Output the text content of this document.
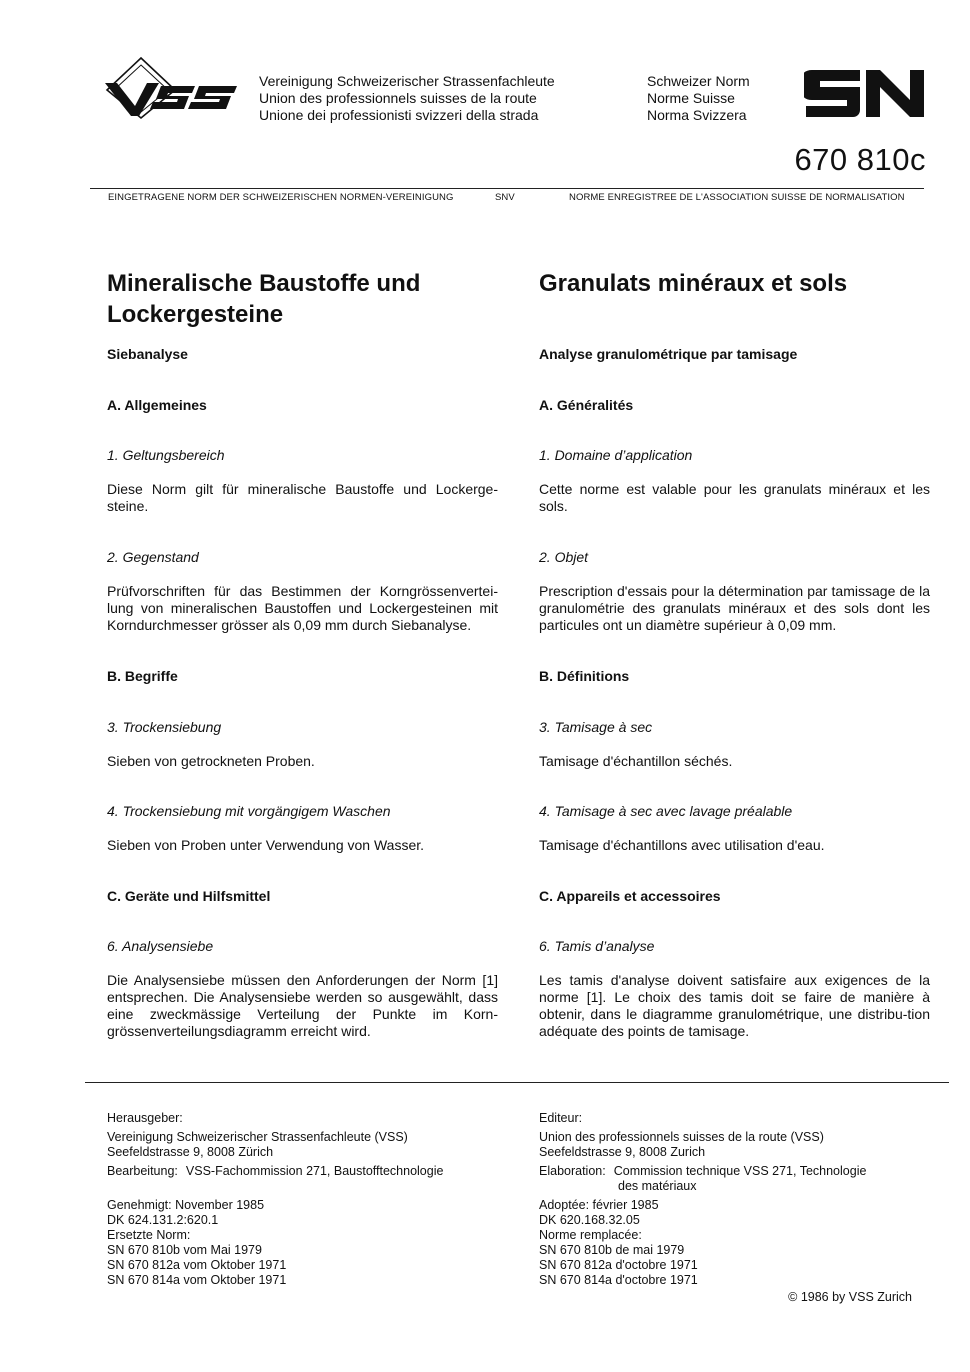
Vereinigung Schweizerischer Strassenfachleute
Union des professionnels suisses de la route
Unione dei professionisti svizzeri della strada
Schweizer Norm
Norme Suisse
Norma Svizzera
670 810c
EINGETRAGENE NORM DER SCHWEIZERISCHEN NORMEN-VEREINIGUNG	SNV	NORME ENREGISTREE DE L'ASSOCIATION SUISSE DE NORMALISATION
Mineralische Baustoffe und
Lockergesteine
Siebanalyse
A. Allgemeines
1. Geltungsbereich
Diese Norm gilt für mineralische Baustoffe und Lockerge-steine.
2. Gegenstand
Prüfvorschriften für das Bestimmen der Korngrössenvertei-lung von mineralischen Baustoffen und Lockergesteinen mit Korndurchmesser grösser als 0,09 mm durch Siebanalyse.
B. Begriffe
3. Trockensiebung
Sieben von getrockneten Proben.
4. Trockensiebung mit vorgängigem Waschen
Sieben von Proben unter Verwendung von Wasser.
C. Geräte und Hilfsmittel
6. Analysensiebe
Die Analysensiebe müssen den Anforderungen der Norm [1] entsprechen. Die Analysensiebe werden so ausgewählt, dass eine zweckmässige Verteilung der Punkte im Korn-grössenverteilungsdiagramm erreicht wird.
Granulats minéraux et sols
Analyse granulométrique par tamisage
A. Généralités
1. Domaine d’application
Cette norme est valable pour les granulats minéraux et les sols.
2. Objet
Prescription d'essais pour la détermination par tamissage de la granulométrie des granulats minéraux et des sols dont les particules ont un diamètre supérieur à 0,09 mm.
B. Définitions
3. Tamisage à sec
Tamisage d'échantillon séchés.
4. Tamisage à sec avec lavage préalable
Tamisage d'échantillons avec utilisation d'eau.
C. Appareils et accessoires
6. Tamis d’analyse
Les tamis d'analyse doivent satisfaire aux exigences de la norme [1]. Le choix des tamis doit se faire de manière à obtenir, dans le diagramme granulométrique, une distribu-tion adéquate des points de tamisage.
Herausgeber:
Vereinigung Schweizerischer Strassenfachleute (VSS)
Seefeldstrasse 9, 8008 Zürich
Bearbeitung: VSS-Fachommission 271, Baustofftechnologie
Genehmigt: November 1985
DK 624.131.2:620.1
Ersetzte Norm:
SN 670 810b vom Mai 1979
SN 670 812a vom Oktober 1971
SN 670 814a vom Oktober 1971
Editeur:
Union des professionnels suisses de la route (VSS)
Seefeldstrasse 9, 8008 Zurich
Elaboration: Commission technique VSS 271, Technologie
des matériaux
Adoptée: février 1985
DK 620.168.32.05
Norme remplacée:
SN 670 810b de mai 1979
SN 670 812a d'octobre 1971
SN 670 814a d'octobre 1971
© 1986 by VSS Zurich
